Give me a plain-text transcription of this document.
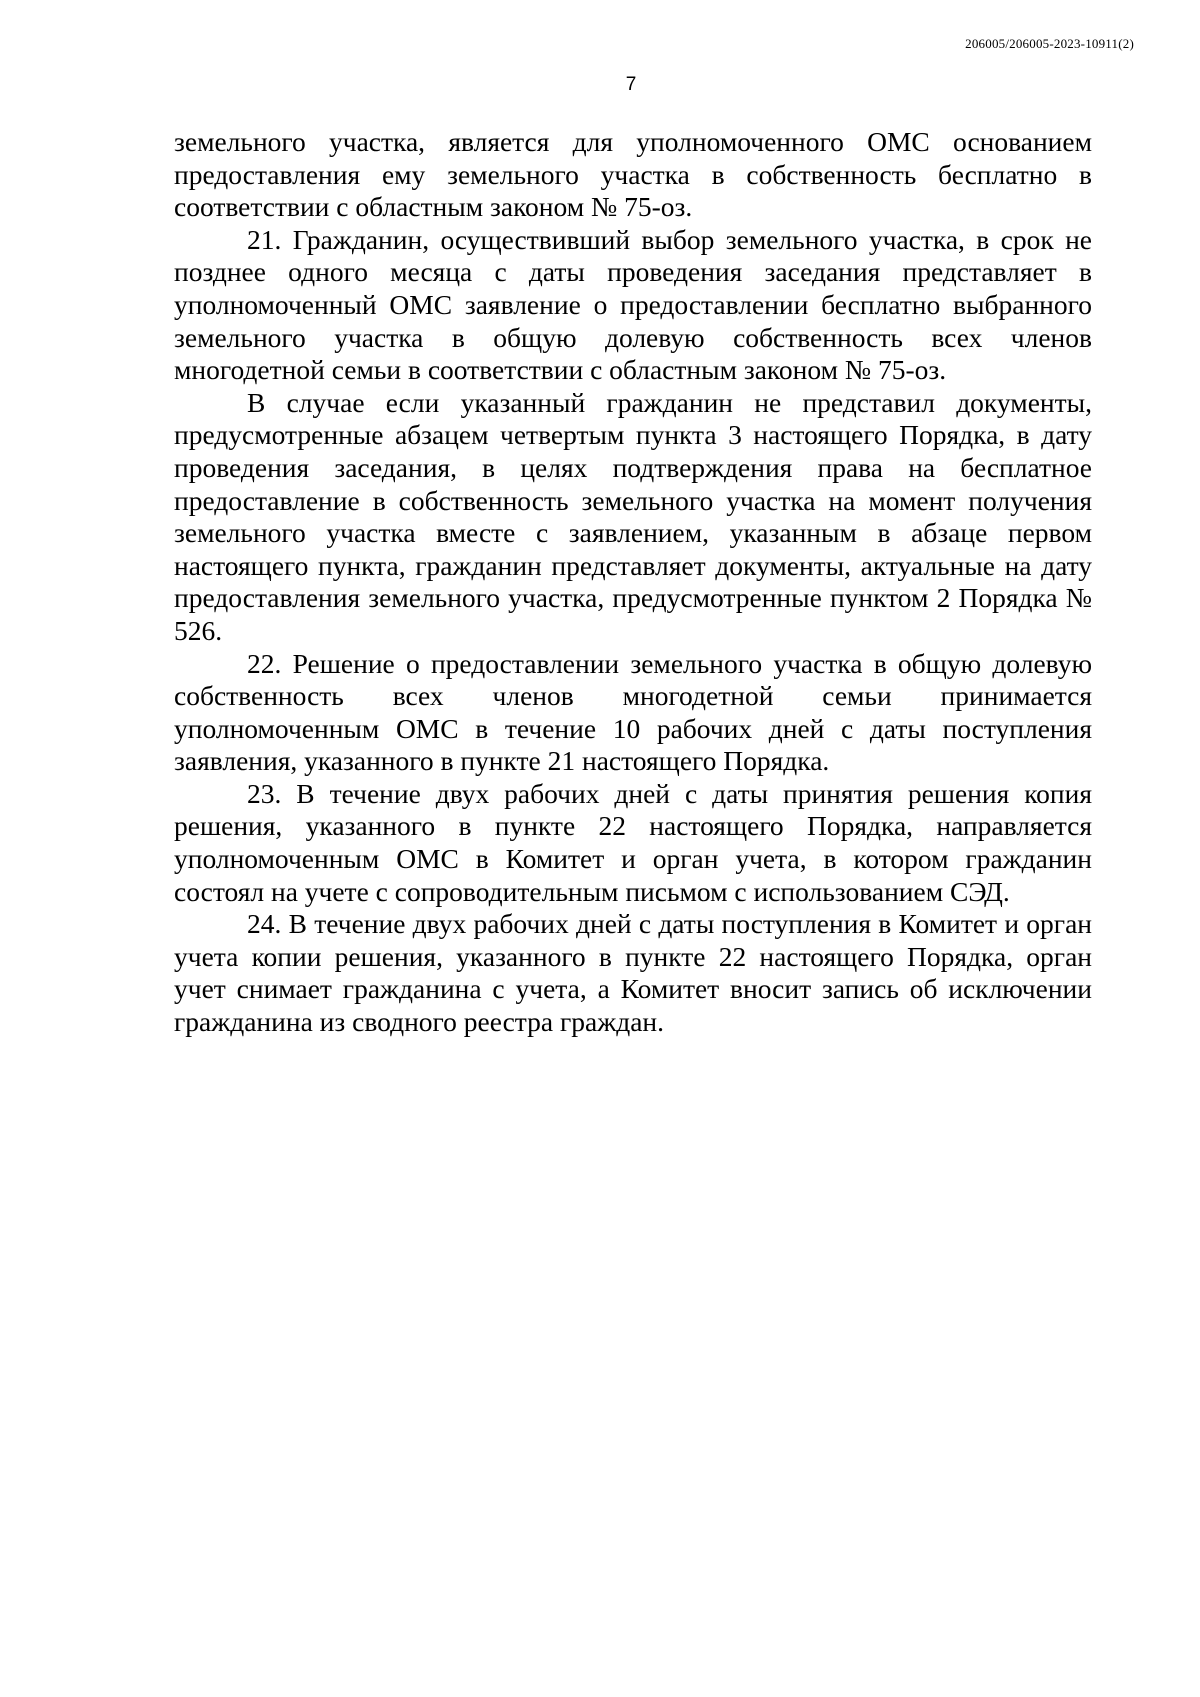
206005/206005-2023-10911(2)
7

земельного участка, является для уполномоченного ОМС основанием предоставления ему земельного участка в собственность бесплатно в соответствии с областным законом № 75-оз.

21. Гражданин, осуществивший выбор земельного участка, в срок не позднее одного месяца с даты проведения заседания представляет в уполномоченный ОМС заявление о предоставлении бесплатно выбранного земельного участка в общую долевую собственность всех членов многодетной семьи в соответствии с областным законом № 75-оз.

В случае если указанный гражданин не представил документы, предусмотренные абзацем четвертым пункта 3 настоящего Порядка, в дату проведения заседания, в целях подтверждения права на бесплатное предоставление в собственность земельного участка на момент получения земельного участка вместе с заявлением, указанным в абзаце первом настоящего пункта, гражданин представляет документы, актуальные на дату предоставления земельного участка, предусмотренные пунктом 2 Порядка № 526.

22. Решение о предоставлении земельного участка в общую долевую собственность всех членов многодетной семьи принимается уполномоченным ОМС в течение 10 рабочих дней с даты поступления заявления, указанного в пункте 21 настоящего Порядка.

23. В течение двух рабочих дней с даты принятия решения копия решения, указанного в пункте 22 настоящего Порядка, направляется уполномоченным ОМС в Комитет и орган учета, в котором гражданин состоял на учете с сопроводительным письмом с использованием СЭД.

24. В течение двух рабочих дней с даты поступления в Комитет и орган учета копии решения, указанного в пункте 22 настоящего Порядка, орган учет снимает гражданина с учета, а Комитет вносит запись об исключении гражданина из сводного реестра граждан.
